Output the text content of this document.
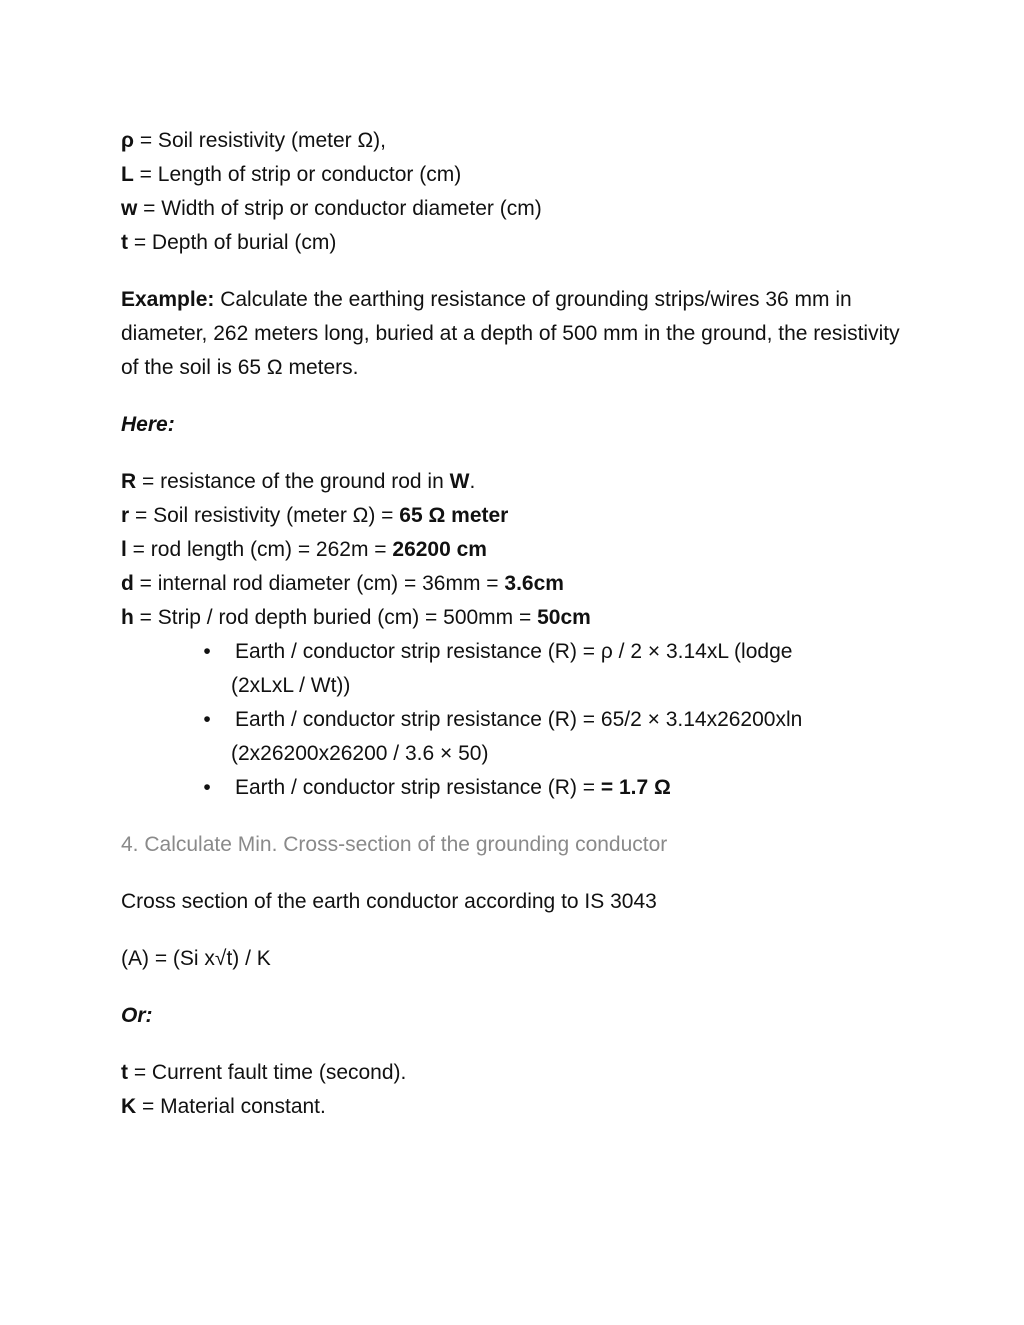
ρ = Soil resistivity (meter Ω),

L = Length of strip or conductor (cm)

w = Width of strip or conductor diameter (cm)

t = Depth of burial (cm)

Example: Calculate the earthing resistance of grounding strips/wires 36 mm in diameter, 262 meters long, buried at a depth of 500 mm in the ground, the resistivity of the soil is 65 Ω meters.

Here:

R = resistance of the ground rod in W.

r = Soil resistivity (meter Ω) = 65 Ω meter

l = rod length (cm) = 262m = 26200 cm

d = internal rod diameter (cm) = 36mm = 3.6cm

h = Strip / rod depth buried (cm) = 500mm = 50cm

• Earth / conductor strip resistance (R) = ρ / 2 × 3.14xL (lodge
(2xLxL / Wt))
• Earth / conductor strip resistance (R) = 65/2 × 3.14x26200xln
(2x26200x26200 / 3.6 × 50)
• Earth / conductor strip resistance (R) = = 1.7 Ω

4. Calculate Min. Cross-section of the grounding conductor

Cross section of the earth conductor according to IS 3043

(A) = (Si x√t) / K

Or:

t = Current fault time (second).

K = Material constant.
